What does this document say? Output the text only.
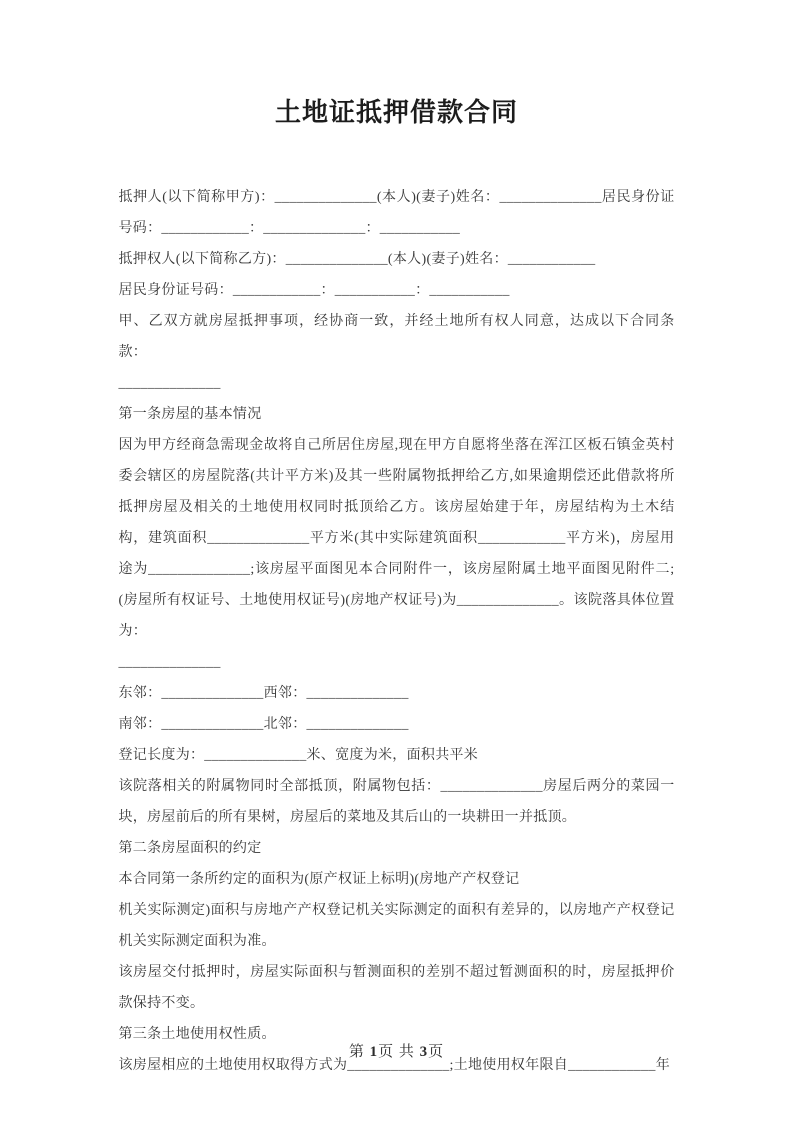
土地证抵押借款合同

抵押人(以下简称甲方)：______________(本人)(妻子)姓名：______________居民身份证号码：____________：______________：___________

抵押权人(以下简称乙方)：______________(本人)(妻子)姓名：____________

居民身份证号码：____________：___________：___________

甲、乙双方就房屋抵押事项，经协商一致，并经土地所有权人同意，达成以下合同条款：

______________

第一条房屋的基本情况

因为甲方经商急需现金故将自己所居住房屋,现在甲方自愿将坐落在浑江区板石镇金英村委会辖区的房屋院落(共计平方米)及其一些附属物抵押给乙方,如果逾期偿还此借款将所抵押房屋及相关的土地使用权同时抵顶给乙方。该房屋始建于年，房屋结构为土木结构，建筑面积______________平方米(其中实际建筑面积____________平方米)，房屋用途为______________;该房屋平面图见本合同附件一，该房屋附属土地平面图见附件二;(房屋所有权证号、土地使用权证号)(房地产权证号)为______________。该院落具体位置为：

______________

东邻：______________西邻：______________

南邻：______________北邻：______________

登记长度为：______________米、宽度为米，面积共平米

该院落相关的附属物同时全部抵顶，附属物包括：______________房屋后两分的菜园一块，房屋前后的所有果树，房屋后的菜地及其后山的一块耕田一并抵顶。

第二条房屋面积的约定

本合同第一条所约定的面积为(原产权证上标明)(房地产产权登记

机关实际测定)面积与房地产产权登记机关实际测定的面积有差异的，以房地产产权登记机关实际测定面积为准。

该房屋交付抵押时，房屋实际面积与暂测面积的差别不超过暂测面积的时，房屋抵押价款保持不变。

第三条土地使用权性质。

该房屋相应的土地使用权取得方式为______________;土地使用权年限自____________年

第 1页 共 3页
